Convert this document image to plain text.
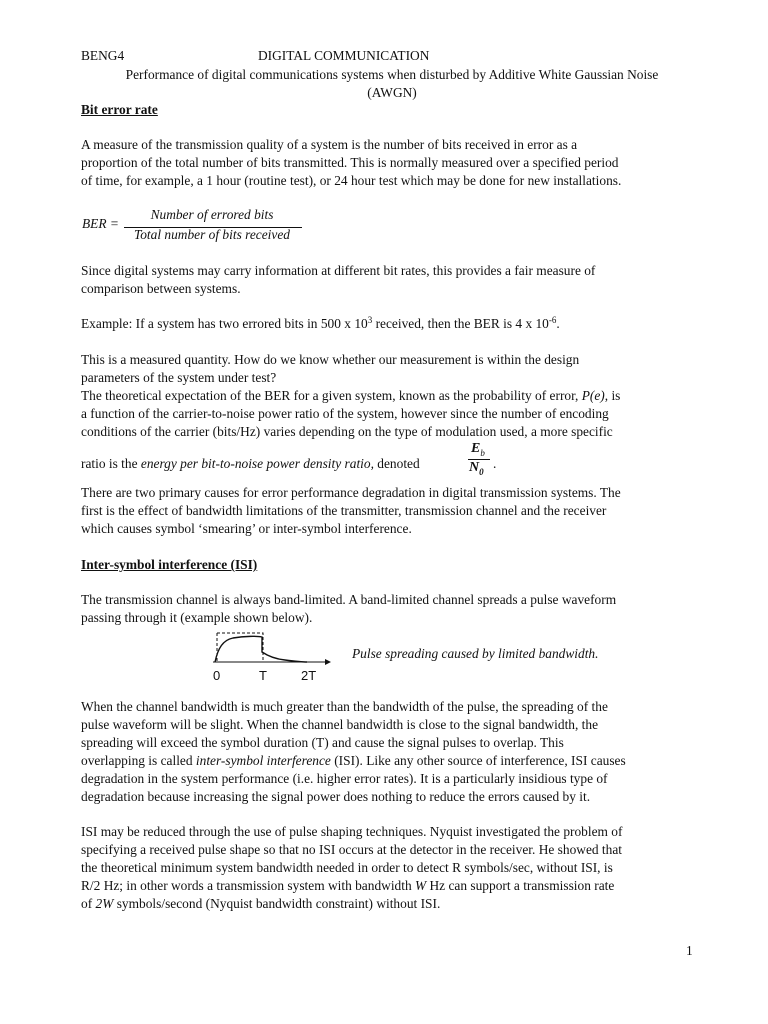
BENG4	DIGITAL COMMUNICATION
Performance of digital communications systems when disturbed by Additive White Gaussian Noise
(AWGN)
Bit error rate

A measure of the transmission quality of a system is the number of bits received in error as a
proportion of the total number of bits transmitted. This is normally measured over a specified period
of time, for example, a 1 hour (routine test), or 24 hour test which may be done for new installations.

BER =
Number of errored bits
Total number of bits received

Since digital systems may carry information at different bit rates, this provides a fair measure of
comparison between systems.

Example: If a system has two errored bits in 500 x $10^3$ received, then the BER is 4 x $10^{-6}$.

This is a measured quantity. How do we know whether our measurement is within the design
parameters of the system under test?

The theoretical expectation of the BER for a given system, known as the probability of error, P(e), is
a function of the carrier-to-noise power ratio of the system, however since the number of encoding
conditions of the carrier (bits/Hz) varies depending on the type of modulation used, a more specific

ratio is the energy per bit-to-noise power density ratio, denoted
$E_b$
$N_0$
.

There are two primary causes for error performance degradation in digital transmission systems. The
first is the effect of bandwidth limitations of the transmitter, transmission channel and the receiver
which causes symbol ‘smearing’ or inter-symbol interference.

Inter-symbol interference (ISI)

The transmission channel is always band-limited. A band-limited channel spreads a pulse waveform
passing through it (example shown below).

0	T	2T
Pulse spreading caused by limited bandwidth.

When the channel bandwidth is much greater than the bandwidth of the pulse, the spreading of the
pulse waveform will be slight. When the channel bandwidth is close to the signal bandwidth, the
spreading will exceed the symbol duration (T) and cause the signal pulses to overlap. This
overlapping is called inter-symbol interference (ISI). Like any other source of interference, ISI causes
degradation in the system performance (i.e. higher error rates). It is a particularly insidious type of
degradation because increasing the signal power does nothing to reduce the errors caused by it.

ISI may be reduced through the use of pulse shaping techniques. Nyquist investigated the problem of
specifying a received pulse shape so that no ISI occurs at the detector in the receiver. He showed that
the theoretical minimum system bandwidth needed in order to detect R symbols/sec, without ISI, is
R/2 Hz; in other words a transmission system with bandwidth W Hz can support a transmission rate
of 2W symbols/second (Nyquist bandwidth constraint) without ISI.

1
